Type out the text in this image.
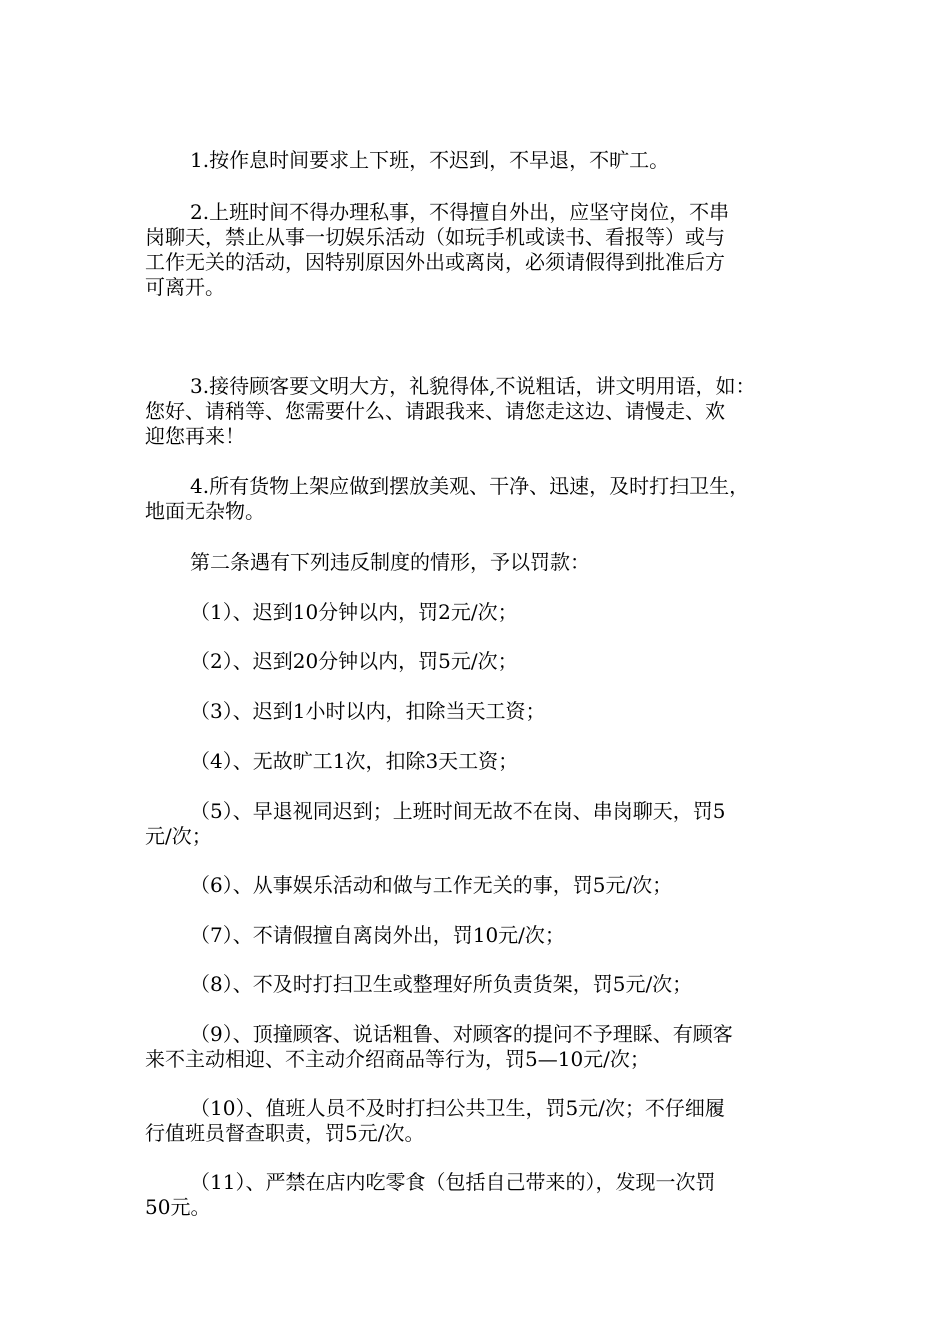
1.按作息时间要求上下班，不迟到，不早退，不旷工。

2.上班时间不得办理私事，不得擅自外出，应坚守岗位，不串
岗聊天，禁止从事一切娱乐活动（如玩手机或读书、看报等）或与
工作无关的活动，因特别原因外出或离岗，必须请假得到批准后方
可离开。

3.接待顾客要文明大方，礼貌得体,不说粗话，讲文明用语，如：
您好、请稍等、您需要什么、请跟我来、请您走这边、请慢走、欢
迎您再来！

4.所有货物上架应做到摆放美观、干净、迅速，及时打扫卫生，
地面无杂物。

第二条遇有下列违反制度的情形，予以罚款：

（1）、迟到10分钟以内，罚2元/次；

（2）、迟到20分钟以内，罚5元/次；

（3）、迟到1小时以内，扣除当天工资；

（4）、无故旷工1次，扣除3天工资；

（5）、早退视同迟到；上班时间无故不在岗、串岗聊天，罚5
元/次；

（6）、从事娱乐活动和做与工作无关的事，罚5元/次；

（7）、不请假擅自离岗外出，罚10元/次；

（8）、不及时打扫卫生或整理好所负责货架，罚5元/次；

（9）、顶撞顾客、说话粗鲁、对顾客的提问不予理睬、有顾客
来不主动相迎、不主动介绍商品等行为，罚5—10元/次；

（10）、值班人员不及时打扫公共卫生，罚5元/次；不仔细履
行值班员督查职责，罚5元/次。

（11）、严禁在店内吃零食（包括自己带来的），发现一次罚
50元。
